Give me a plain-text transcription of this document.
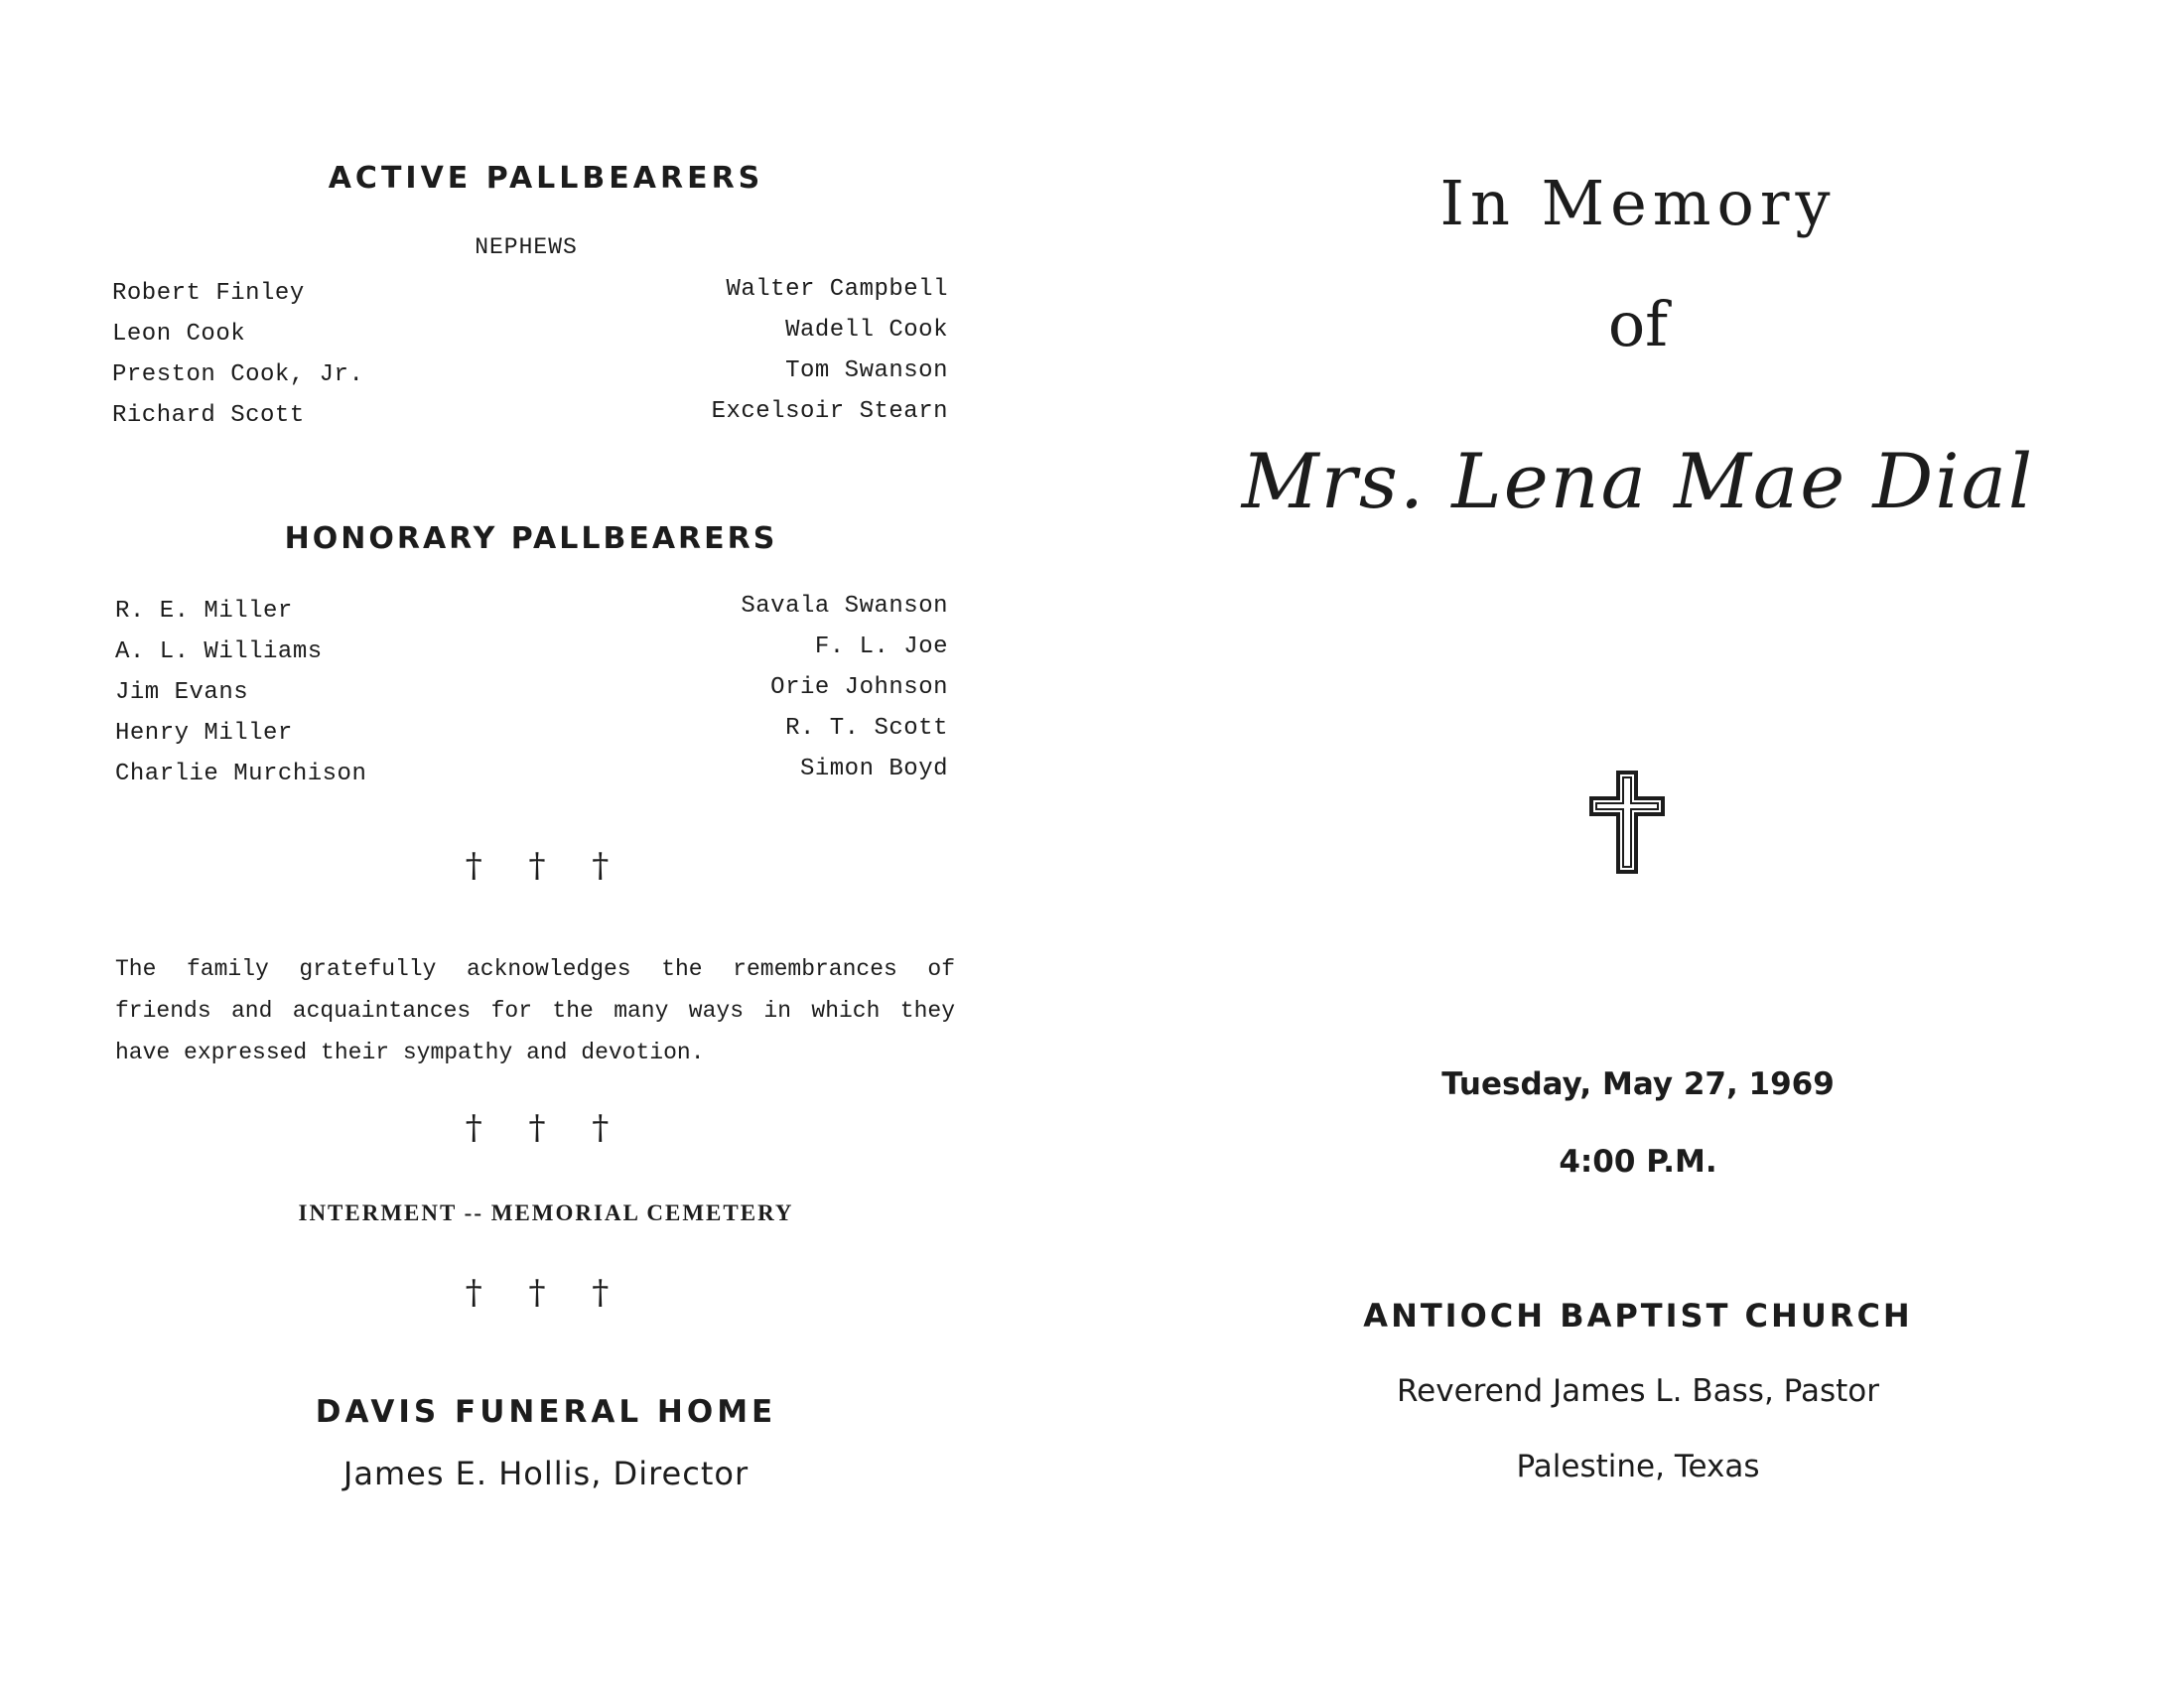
ACTIVE PALLBEARERS
NEPHEWS
Robert Finley
Leon Cook
Preston Cook, Jr.
Richard Scott
Walter Campbell
Wadell Cook
Tom Swanson
Excelsoir Stearn
HONORARY PALLBEARERS
R. E. Miller
A. L. Williams
Jim Evans
Henry Miller
Charlie Murchison
Savala Swanson
F. L. Joe
Orie Johnson
R. T. Scott
Simon Boyd
† † †
The family gratefully acknowledges the remembrances of friends and acquaintances for the many ways in which they have expressed their sympathy and devotion.
† † †
INTERMENT -- MEMORIAL CEMETERY
† † †
DAVIS FUNERAL HOME
James E. Hollis, Director
In Memory
of
Mrs. Lena Mae Dial
Tuesday, May 27, 1969
4:00 P.M.
ANTIOCH BAPTIST CHURCH
Reverend James L. Bass, Pastor
Palestine, Texas
